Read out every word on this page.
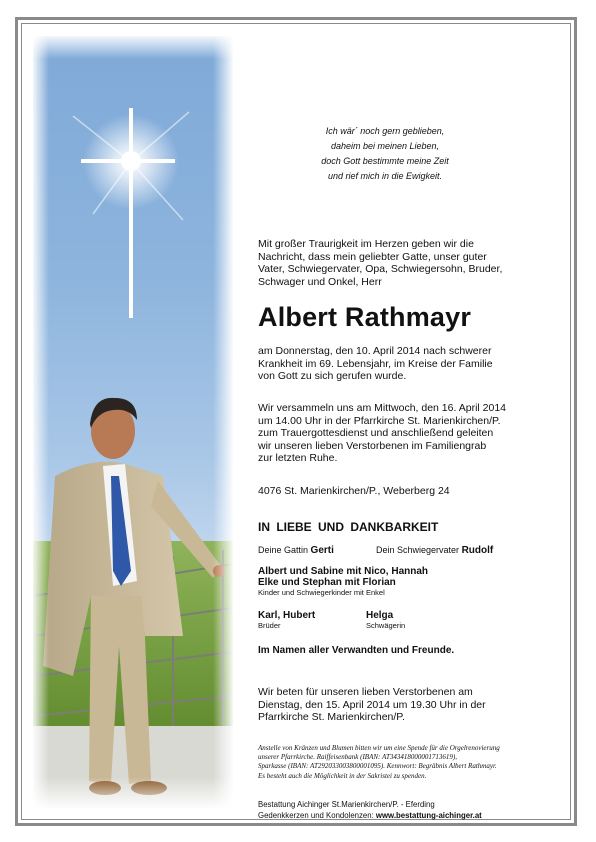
Ich wär´ noch gern geblieben,
daheim bei meinen Lieben,
doch Gott bestimmte meine Zeit
und rief mich in die Ewigkeit.
Mit großer Traurigkeit im Herzen geben wir die
Nachricht, dass mein geliebter Gatte, unser guter
Vater, Schwiegervater, Opa, Schwiegersohn, Bruder,
Schwager und Onkel, Herr
Albert Rathmayr
am Donnerstag, den 10. April 2014 nach schwerer
Krankheit im 69. Lebensjahr, im Kreise der Familie
von Gott zu sich gerufen wurde.
Wir versammeln uns am Mittwoch, den 16. April 2014
um 14.00 Uhr in der Pfarrkirche St. Marienkirchen/P.
zum Trauergottesdienst und anschließend geleiten
wir unseren lieben Verstorbenen im Familiengrab
zur letzten Ruhe.
4076 St. Marienkirchen/P., Weberberg 24
IN LIEBE UND DANKBARKEIT
Deine Gattin Gerti	Dein Schwiegervater Rudolf
Albert und Sabine mit Nico, Hannah
Elke und Stephan mit Florian
Kinder und Schwiegerkinder mit Enkel
Karl, Hubert
Brüder
Helga
Schwägerin
Im Namen aller Verwandten und Freunde.
Wir beten für unseren lieben Verstorbenen am
Dienstag, den 15. April 2014 um 19.30 Uhr in der
Pfarrkirche St. Marienkirchen/P.
Anstelle von Kränzen und Blumen bitten wir um eine Spende für die Orgelrenovierung
unserer Pfarrkirche. Raiffeisenbank (IBAN: AT343418000001713619),
Sparkasse (IBAN: AT292033003800001095). Kennwort: Begräbnis Albert Rathmayr.
Es besteht auch die Möglichkeit in der Sakristei zu spenden.
Bestattung Aichinger St.Marienkirchen/P. - Eferding
Gedenkkerzen und Kondolenzen: www.bestattung-aichinger.at
